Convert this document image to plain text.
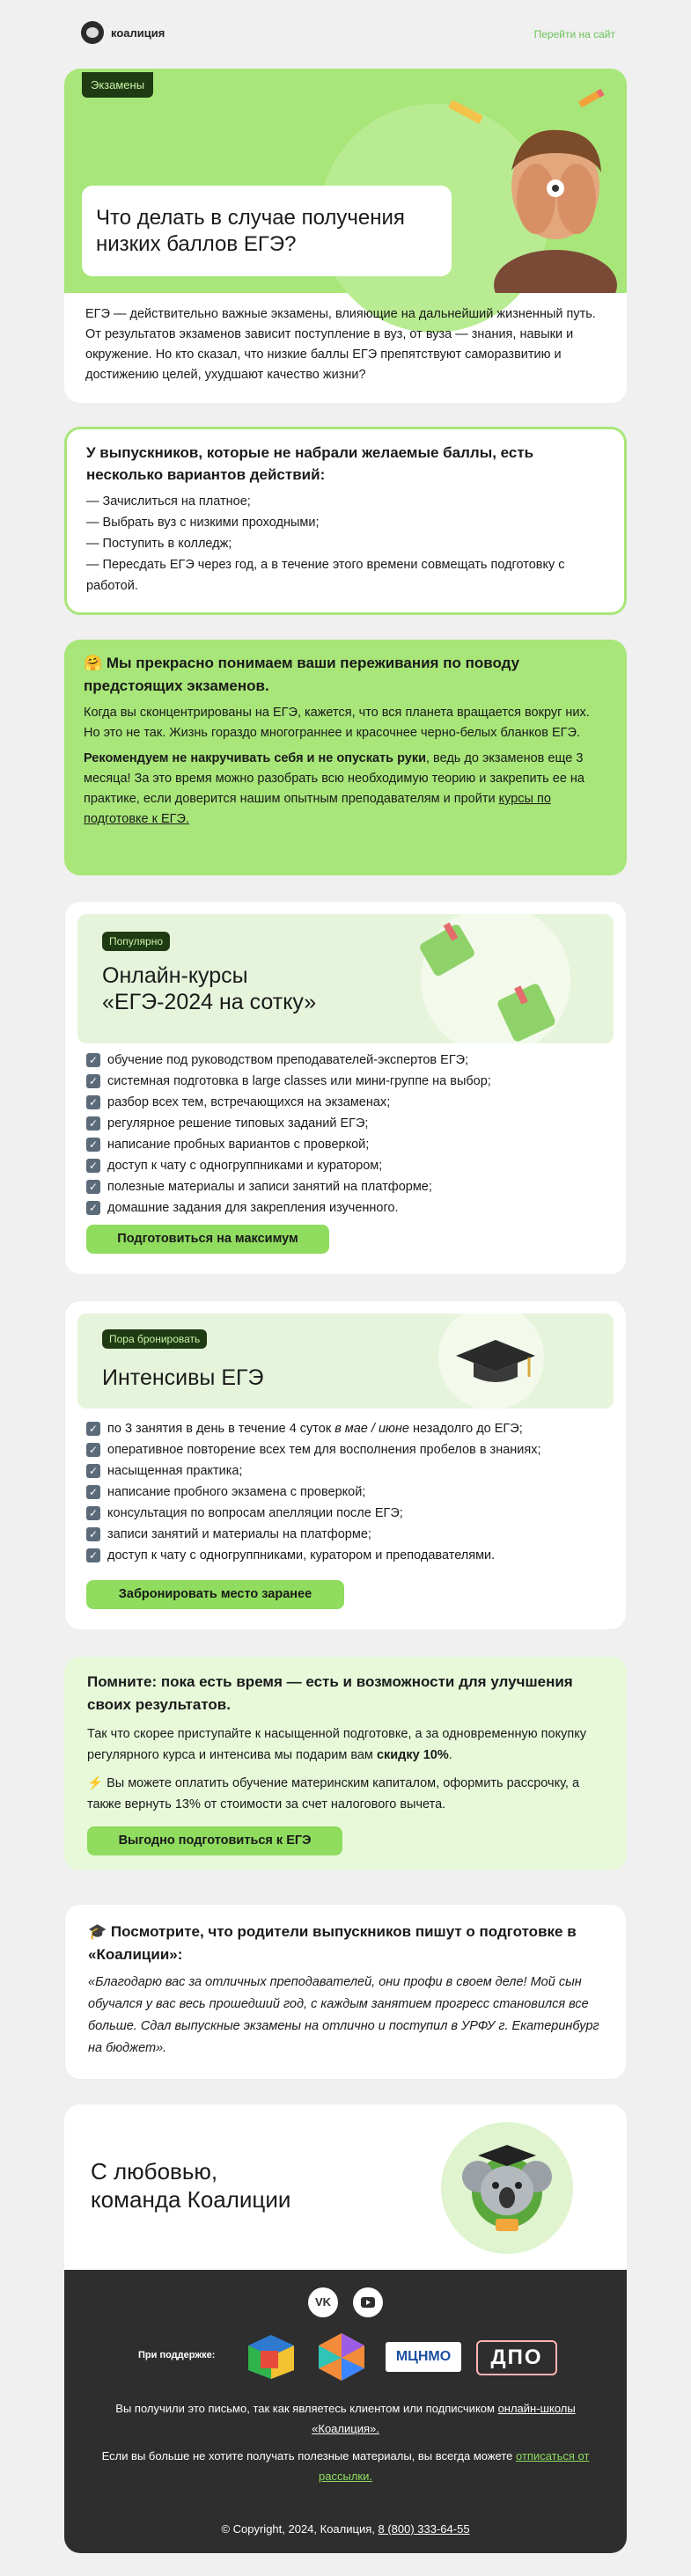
коалиция	Перейти на сайт
Экзамены
Что делать в случае получения низких баллов ЕГЭ?
ЕГЭ — действительно важные экзамены, влияющие на дальнейший жизненный путь. От результатов экзаменов зависит поступление в вуз, от вуза — знания, навыки и окружение. Но кто сказал, что низкие баллы ЕГЭ препятствуют саморазвитию и достижению целей, ухудшают качество жизни?
У выпускников, которые не набрали желаемые баллы, есть несколько вариантов действий:
— Зачислиться на платное;
— Выбрать вуз с низкими проходными;
— Поступить в колледж;
— Пересдать ЕГЭ через год, а в течение этого времени совмещать подготовку с работой.
🤗 Мы прекрасно понимаем ваши переживания по поводу предстоящих экзаменов.

Когда вы сконцентрированы на ЕГЭ, кажется, что вся планета вращается вокруг них. Но это не так. Жизнь гораздо многограннее и красочнее черно-белых бланков ЕГЭ.

Рекомендуем не накручивать себя и не опускать руки, ведь до экзаменов еще 3 месяца! За это время можно разобрать всю необходимую теорию и закрепить ее на практике, если доверится нашим опытным преподавателям и пройти курсы по подготовке к ЕГЭ.

Популярно
Онлайн-курсы
«ЕГЭ-2024 на сотку»
✓ обучение под руководством преподавателей-экспертов ЕГЭ;
✓ системная подготовка в large classes или мини-группе на выбор;
✓ разбор всех тем, встречающихся на экзаменах;
✓ регулярное решение типовых заданий ЕГЭ;
✓ написание пробных вариантов с проверкой;
✓ доступ к чату с одногруппниками и куратором;
✓ полезные материалы и записи занятий на платформе;
✓ домашние задания для закрепления изученного.
Подготовиться на максимум
Пора бронировать
Интенсивы ЕГЭ
✓ по 3 занятия в день в течение 4 суток в мае / июне незадолго до ЕГЭ;
✓ оперативное повторение всех тем для восполнения пробелов в знаниях;
✓ насыщенная практика;
✓ написание пробного экзамена с проверкой;
✓ консультация по вопросам апелляции после ЕГЭ;
✓ записи занятий и материалы на платформе;
✓ доступ к чату с одногруппниками, куратором и преподавателями.
Забронировать место заранее
Помните: пока есть время — есть и возможности для улучшения своих результатов.

Так что скорее приступайте к насыщенной подготовке, а за одновременную покупку регулярного курса и интенсива мы подарим вам скидку 10%.

⚡ Вы можете оплатить обучение материнским капиталом, оформить рассрочку, а также вернуть 13% от стоимости за счет налогового вычета.

Выгодно подготовиться к ЕГЭ
🎓 Посмотрите, что родители выпускников пишут о подготовке в «Коалиции»:

«Благодарю вас за отличных преподавателей, они профи в своем деле! Мой сын обучался у вас весь прошедший год, с каждым занятием прогресс становился все больше. Сдал выпускные экзамены на отлично и поступил в УРФУ г. Екатеринбург на бюджет».

С любовью,
команда Коалиции
VK
При поддержке:	МЦНМО	ДПО
Вы получили это письмо, так как являетесь клиентом или подписчиком онлайн-школы «Коалиция».
Если вы больше не хотите получать полезные материалы, вы всегда можете отписаться от рассылки.
© Copyright, 2024, Коалиция, 8 (800) 333-64-55
